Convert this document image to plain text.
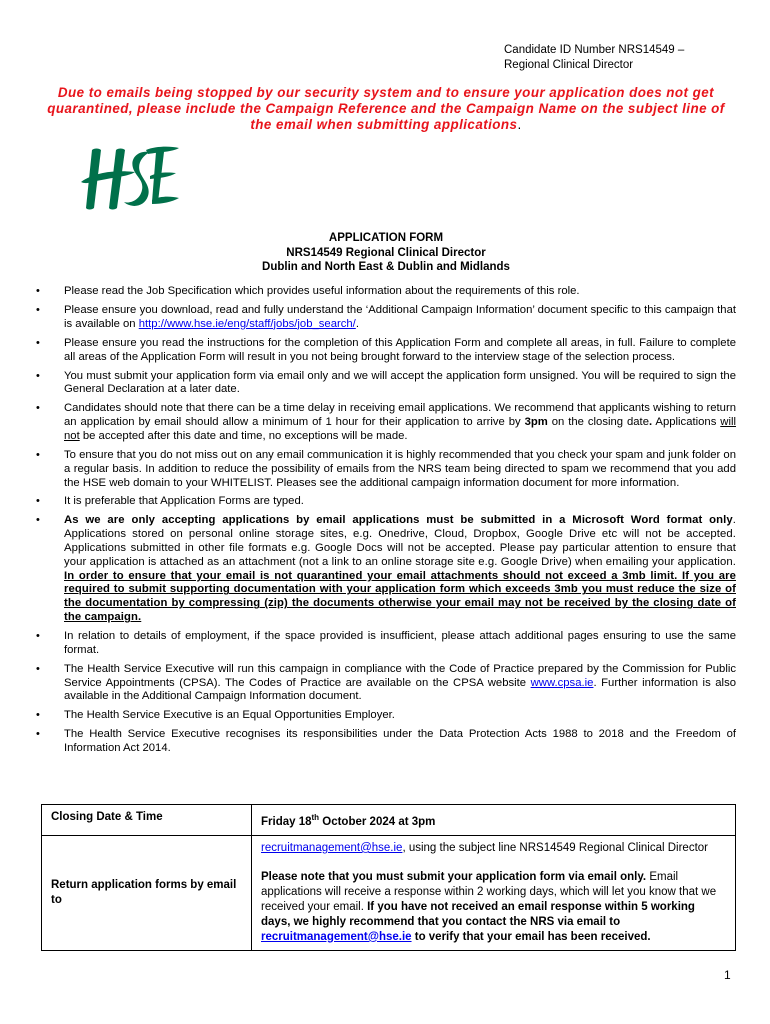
Candidate ID Number NRS14549 –
Regional Clinical Director
Due to emails being stopped by our security system and to ensure your application does not get quarantined, please include the Campaign Reference and the Campaign Name on the subject line of the email when submitting applications.
APPLICATION FORM
NRS14549 Regional Clinical Director
Dublin and North East & Dublin and Midlands
• Please read the Job Specification which provides useful information about the requirements of this role.
• Please ensure you download, read and fully understand the ‘Additional Campaign Information’ document specific to this campaign that is available on http://www.hse.ie/eng/staff/jobs/job_search/.
• Please ensure you read the instructions for the completion of this Application Form and complete all areas, in full. Failure to complete all areas of the Application Form will result in you not being brought forward to the interview stage of the selection process.
• You must submit your application form via email only and we will accept the application form unsigned. You will be required to sign the General Declaration at a later date.
• Candidates should note that there can be a time delay in receiving email applications. We recommend that applicants wishing to return an application by email should allow a minimum of 1 hour for their application to arrive by 3pm on the closing date. Applications will not be accepted after this date and time, no exceptions will be made.
• To ensure that you do not miss out on any email communication it is highly recommended that you check your spam and junk folder on a regular basis. In addition to reduce the possibility of emails from the NRS team being directed to spam we recommend that you add the HSE web domain to your WHITELIST. Pleases see the additional campaign information document for more information.
• It is preferable that Application Forms are typed.
• As we are only accepting applications by email applications must be submitted in a Microsoft Word format only. Applications stored on personal online storage sites, e.g. Onedrive, Cloud, Dropbox, Google Drive etc will not be accepted. Applications submitted in other file formats e.g. Google Docs will not be accepted. Please pay particular attention to ensure that your application is attached as an attachment (not a link to an online storage site e.g. Google Drive) when emailing your application. In order to ensure that your email is not quarantined your email attachments should not exceed a 3mb limit. If you are required to submit supporting documentation with your application form which exceeds 3mb you must reduce the size of the documentation by compressing (zip) the documents otherwise your email may not be received by the closing date of the campaign.
• In relation to details of employment, if the space provided is insufficient, please attach additional pages ensuring to use the same format.
• The Health Service Executive will run this campaign in compliance with the Code of Practice prepared by the Commission for Public Service Appointments (CPSA). The Codes of Practice are available on the CPSA website www.cpsa.ie. Further information is also available in the Additional Campaign Information document.
• The Health Service Executive is an Equal Opportunities Employer.
• The Health Service Executive recognises its responsibilities under the Data Protection Acts 1988 to 2018 and the Freedom of Information Act 2014.
Closing Date & Time	Friday 18th October 2024 at 3pm
Return application forms by email to	recruitmanagement@hse.ie, using the subject line NRS14549 Regional Clinical Director
Please note that you must submit your application form via email only. Email applications will receive a response within 2 working days, which will let you know that we received your email. If you have not received an email response within 5 working days, we highly recommend that you contact the NRS via email to recruitmanagement@hse.ie to verify that your email has been received.
1
